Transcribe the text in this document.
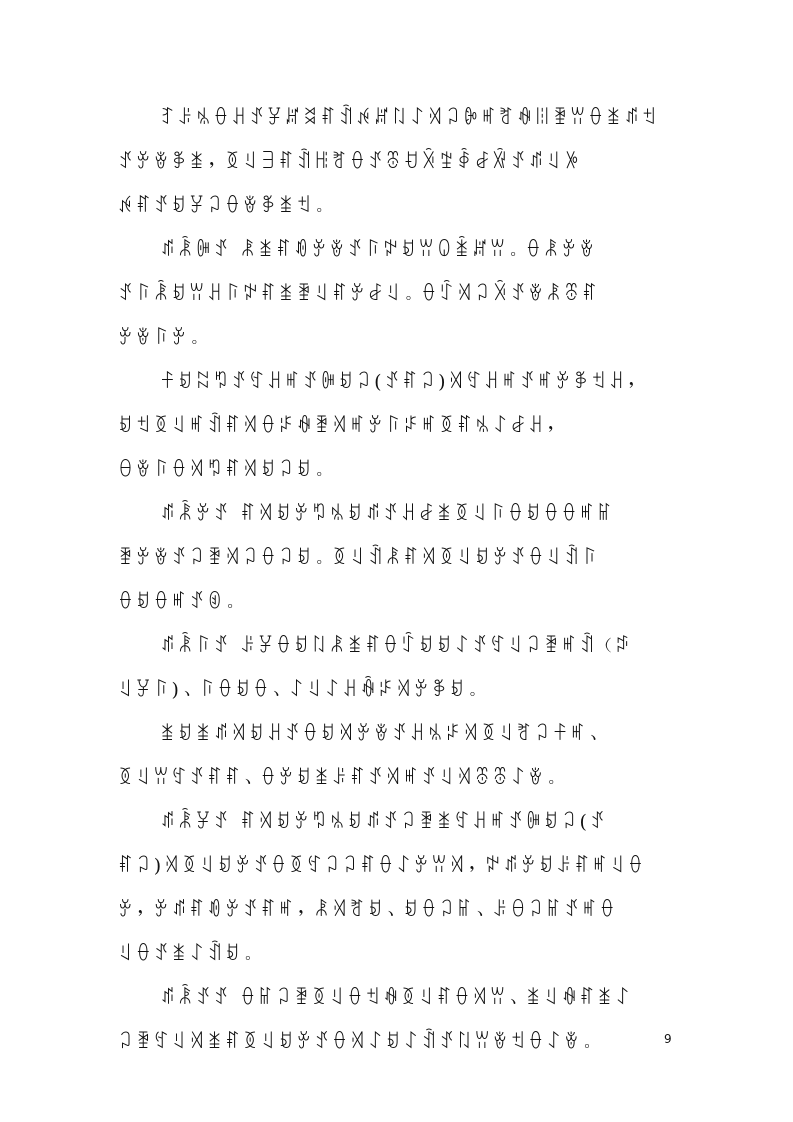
ꆈꌠꁱꂷꃅꀋꐯꏦꈬꐥꀉꉌꏦꇁꋍꄉꃀꐊꎭꐛꊿꈨꄿꀕꂷꁧꁮꉬ
ꀋꏯꎴꃆꁧ，ꅉꆹꎆꐥꀉꆿꐛꂷꀋꁨꀀꋋꄹꇈꆀꑞꀋꁮꆹꉼ
ꉌꐥꀋꀂꐯꃀꂷꎴꃆꁧꉬ。
ꁮꂾꁏꀋ ꂿꁧꐥꀑꏯꎴꀋꑍꉢꀂꀕꐎꁦꏦꀕ。ꂷꂿꏯꎴ
ꀋꑍꂾꀂꀕꃅꑍꉢꐥꁧꄿꆹꐥꏯꆀꆹ。ꂷꇯꄉꃀꋋꀋꎴꂿꁨꐥ
ꏯꎴꑍꏯ。
ꊰꀂꉆꑳꀋꉐꃅꎭꀋꁏꀂꃀ(ꀋꐥꃀ)ꄉꉐꃅꎭꀋꎭꏯꃆꉬꃅ，
ꀂꉬꅉꆹꎭꀉꐥꄉꂷꈝꊿꄿꄉꎭꏯꑍꈝꎭꅉꐥꁱꋍꆀꃅ，
ꆪꎴꑍꂷꄉꑳꐥꄉꀂꃀꀂ。
ꁮꂾꏯꀋ ꐥꄉꀂꏯꑳꁱꀂꁮꀋꃅꆀꁧꅉꆹꑍꂷꀂꂷꂷꎭꈴ
ꄿꏯꎴꀋꃀꄿꄉꃀꂷꃀꀂ。ꅉꆹꀉꂿꐥꄉꅉꆹꀂꏯꀋꂷꆹꀉꑍ
ꂷꀂꂷꎭꀋꊶ。
ꁮꂾꑍꀋ ꌠꐯꂷꀂꇁꂿꁧꐥꂷꇯꀂꀂꋍꀋꉐꆹꃀꄿꎭꀉ（ꁯ
ꆹꐯꑍ)、ꑍꂷꀂꂷ、ꋍꆹꋍꃅꊾꈝꄉꏯꃆꀂ。
ꁧꀂꁧꁮꄉꀂꃅꀋꂷꀂꄉꏯꎴꀋꃅꁱꈝꄉꅉꆹꐛꃀꊰꎭ、
ꅉꆹꀕꉐꀋꐥꐥ、ꂷꏯꀂꁧꌠꐥꀋꄉꎭꀋꆹꄉꁨꁨꋍꎴ。
ꁮꂾꐯꀋ ꐥꄉꀂꏯꑳꁱꀂꁮꀋꃀꄿꁧꉐꃅꎭꀋꁏꀂꃀ(ꀋ
ꐥꃀ)ꄉꅉꆹꀂꏯꀋꂷꅉꉐꃀꃀꐥꂷꋍꏯꀕꄉ，ꉢꁮꏯꀂꌠꐥꎭꆹꂷ
ꏯ，ꏯꁮꐥꀑꏯꀋꐥꎭ，ꂿꄉꐛꀂ、ꀂꂷꃀꈴ、ꌠꆪꃀꈴꀋꎭꂷ
ꆹꂷꀋꁧꋍꀉꀂ。
ꁮꂾꀋꀋ ꂷꈴꃀꄿꅉꆹꂷꉬꊿꅉꆹꐥꂷꄉꀕ、ꁧꆹꊿꐥꁧꋍ
ꃀꄿꉐꆹꄉꁧꐥꅉꆹꀂꏯꀋꂷꄉꋍꀂꋍꀉꀋꇁꀕꎴꉬꂷꋍꎴ。	9
